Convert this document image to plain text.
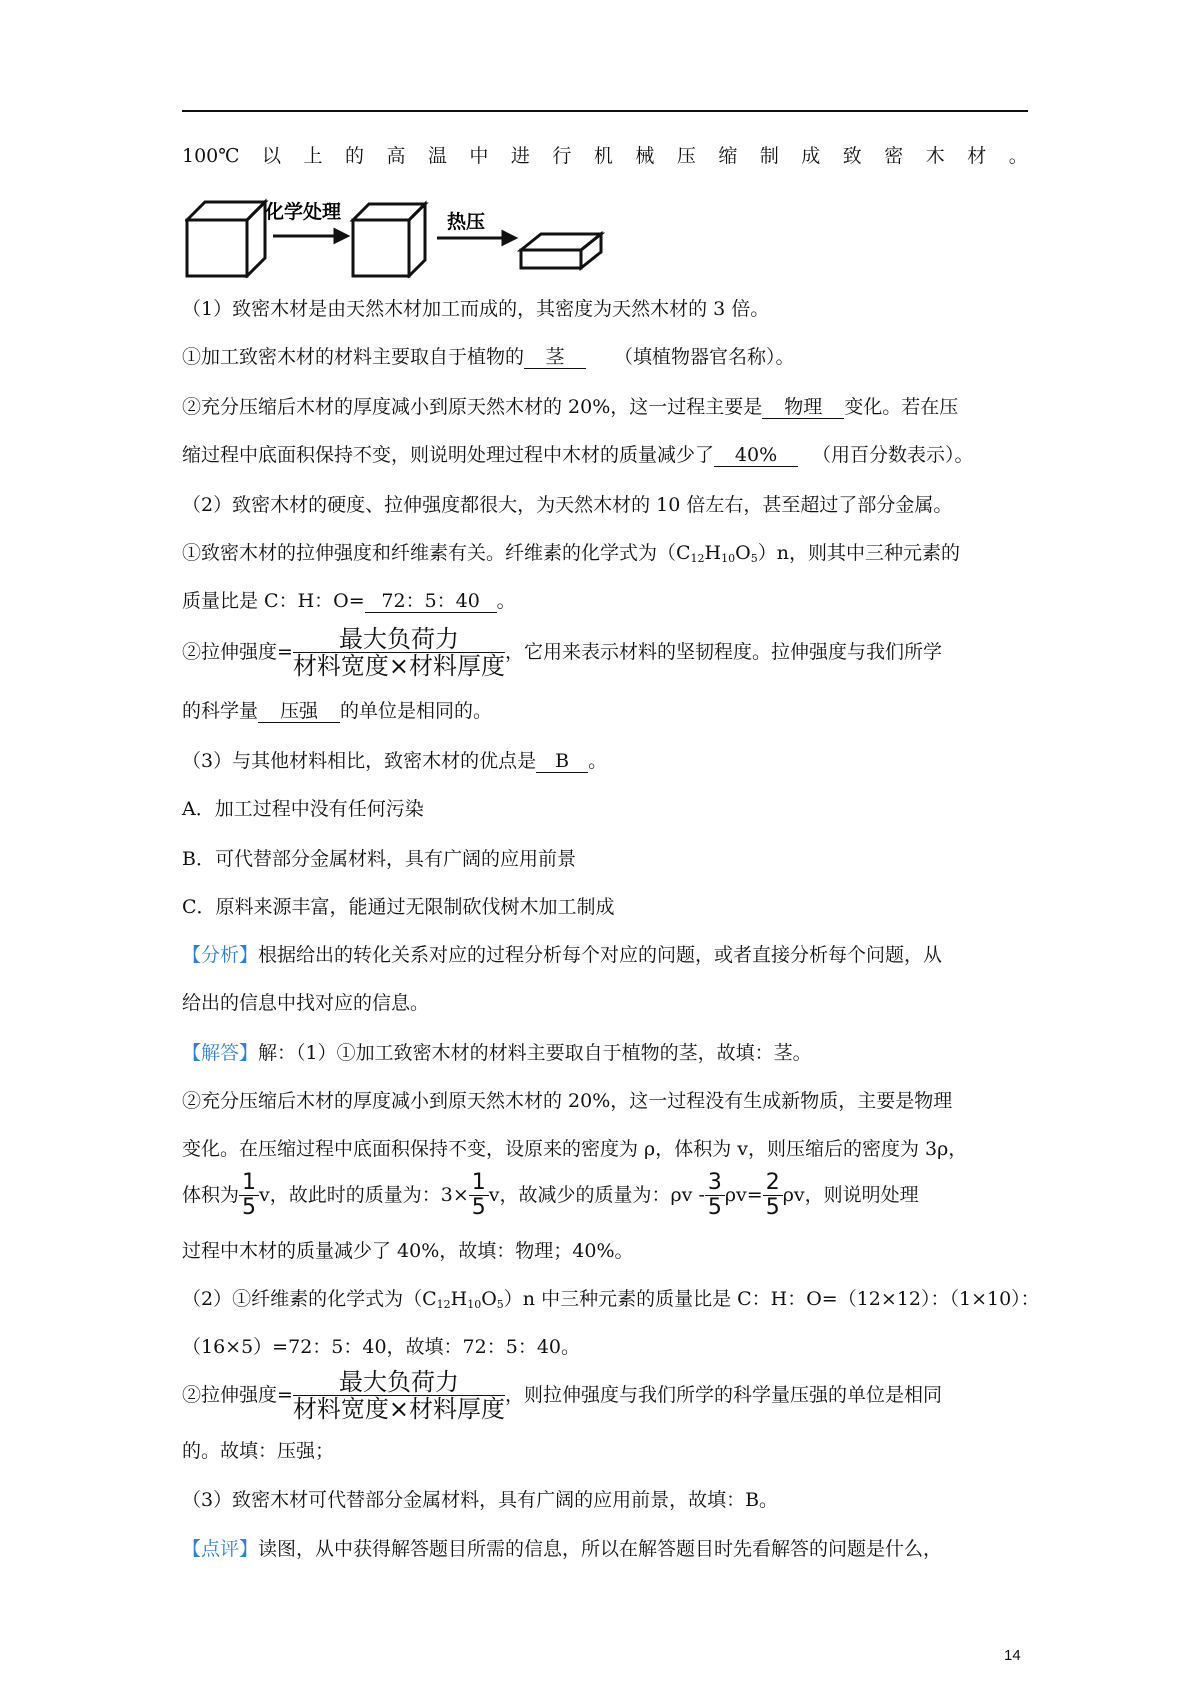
100℃ 以 上 的 高 温 中 进 行 机 械 压 缩 制 成 致 密 木 材 。
化学处理	热压
（1）致密木材是由天然木材加工而成的，其密度为天然木材的 3 倍。
①加工致密木材的材料主要取自于植物的 茎	（填植物器官名称）。
②充分压缩后木材的厚度减小到原天然木材的 20%，这一过程主要是 物理 变化。若在压
缩过程中底面积保持不变，则说明处理过程中木材的质量减少了 40% （用百分数表示）。
（2）致密木材的硬度、拉伸强度都很大，为天然木材的 10 倍左右，甚至超过了部分金属。
①致密木材的拉伸强度和纤维素有关。纤维素的化学式为$(C_{12}H_{10}O_5)n$，则其中三种元素的
质量比是 C：H：O= 72：5：40 。
②拉伸强度= $\frac{\text{最大负荷力}}{\text{材料宽度×材料厚度}}$ ，它用来表示材料的坚韧程度。拉伸强度与我们所学
的科学量 压强 的单位是相同的。
（3）与其他材料相比，致密木材的优点是 B 。
A．加工过程中没有任何污染
B．可代替部分金属材料，具有广阔的应用前景
C．原料来源丰富，能通过无限制砍伐树木加工制成
【分析】根据给出的转化关系对应的过程分析每个对应的问题，或者直接分析每个问题，从
给出的信息中找对应的信息。
【解答】解：（1）①加工致密木材的材料主要取自于植物的茎，故填：茎。
②充分压缩后木材的厚度减小到原天然木材的 20%，这一过程没有生成新物质，主要是物理
变化。在压缩过程中底面积保持不变，设原来的密度为 ρ，体积为 v，则压缩后的密度为 3ρ，
体积为 $\frac{1}{5}$ v，故此时的质量为：$3\times \frac{1}{5}$ v，故减少的质量为：$\rho v - \frac{3}{5} \rho v= \frac{2}{5}$ ρv，则说明处理
过程中木材的质量减少了 40%，故填：物理；40%。
（2）①纤维素的化学式为$(C_{12}H_{10}O_5)n$ 中三种元素的质量比是 C：H：O=（12×12）：（1×10）：
（16×5）=72：5：40，故填：72：5：40。
②拉伸强度= $\frac{\text{最大负荷力}}{\text{材料宽度×材料厚度}}$ ，则拉伸强度与我们所学的科学量压强的单位是相同
的。故填：压强；
（3）致密木材可代替部分金属材料，具有广阔的应用前景，故填：B。
【点评】读图，从中获得解答题目所需的信息，所以在解答题目时先看解答的问题是什么，
14
